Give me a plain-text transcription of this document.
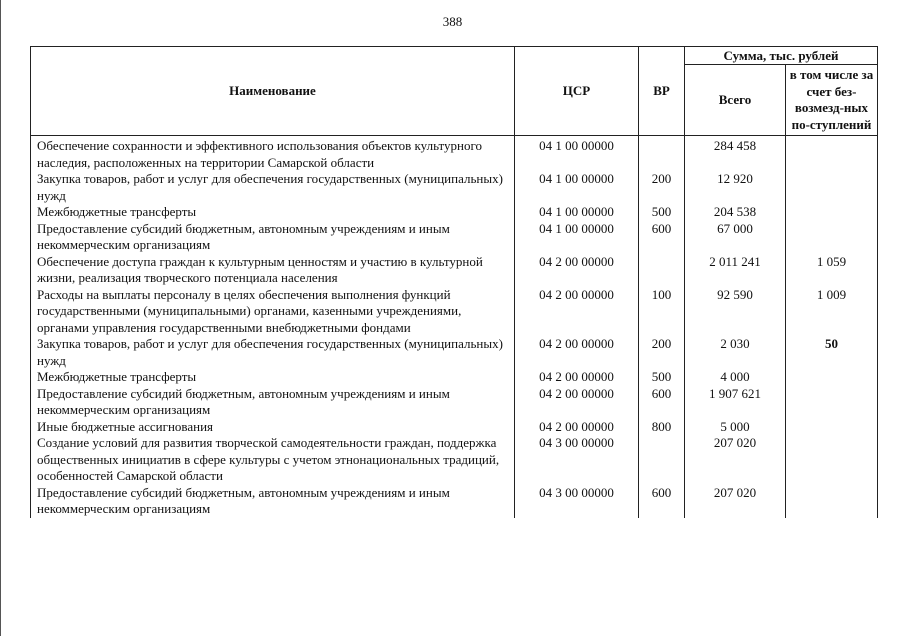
388
Наименование	ЦСР	ВР	Сумма, тыс. рублей	
			Всего	в том числе за счет без-возмезд-ных по-ступлений
Обеспечение сохранности и эффективного использования объектов культурного наследия, расположенных на территории Самарской области	04 1 00 00000		284 458	
Закупка товаров, работ и услуг для обеспечения государственных (муниципальных) нужд	04 1 00 00000	200	12 920	
Межбюджетные трансферты	04 1 00 00000	500	204 538	
Предоставление субсидий бюджетным, автономным учреждениям и иным некоммерческим организациям	04 1 00 00000	600	67 000	
Обеспечение доступа граждан к культурным ценностям и участию в культурной жизни, реализация творческого потенциала населения	04 2 00 00000		2 011 241	1 059
Расходы на выплаты персоналу в целях обеспечения выполнения функций государственными (муниципальными) органами, казенными учреждениями, органами управления государственными внебюджетными фондами	04 2 00 00000	100	92 590	1 009
Закупка товаров, работ и услуг для обеспечения государственных (муниципальных) нужд	04 2 00 00000	200	2 030	50
Межбюджетные трансферты	04 2 00 00000	500	4 000	
Предоставление субсидий бюджетным, автономным учреждениям и иным некоммерческим организациям	04 2 00 00000	600	1 907 621	
Иные бюджетные ассигнования	04 2 00 00000	800	5 000	
Создание условий для развития творческой самодеятельности граждан, поддержка общественных инициатив в сфере культуры с учетом этнонациональных традиций, особенностей Самарской области	04 3 00 00000		207 020	
Предоставление субсидий бюджетным, автономным учреждениям и иным некоммерческим организациям	04 3 00 00000	600	207 020	
